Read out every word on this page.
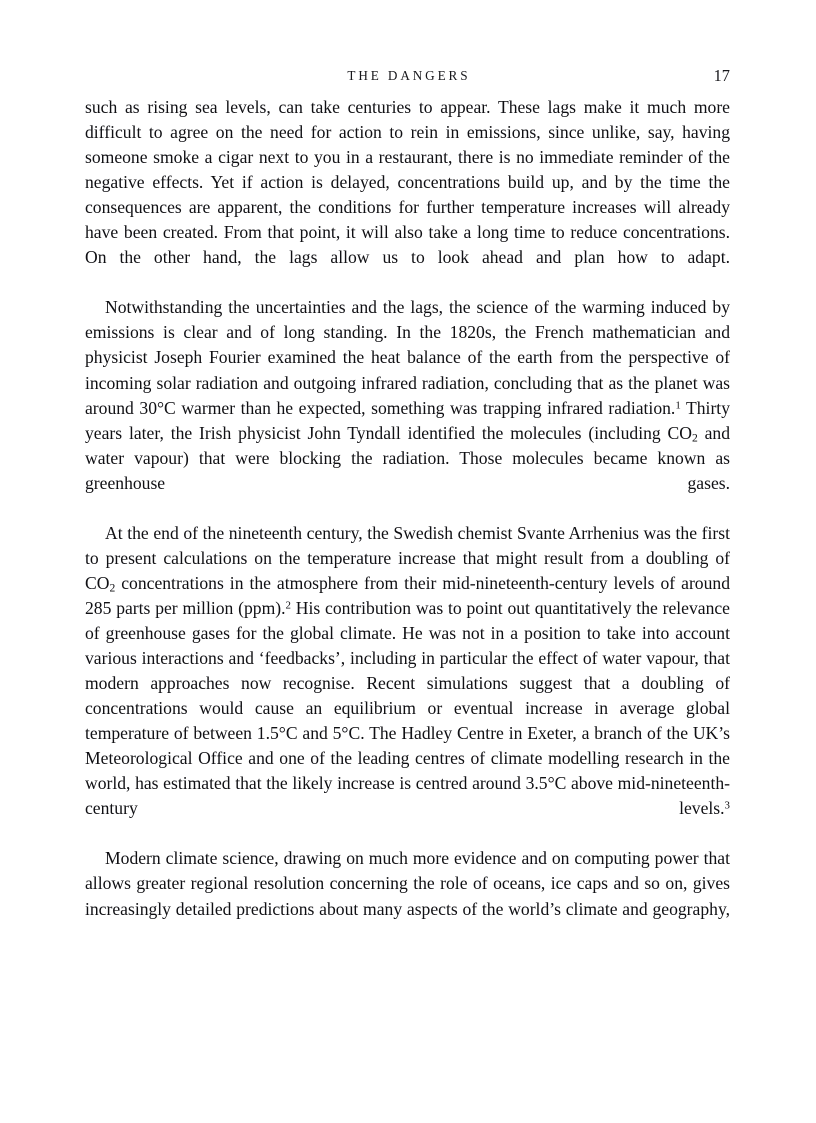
THE DANGERS	17

such as rising sea levels, can take centuries to appear. These lags make it much more difficult to agree on the need for action to rein in emissions, since unlike, say, having someone smoke a cigar next to you in a restaurant, there is no immediate reminder of the negative effects. Yet if action is delayed, concentrations build up, and by the time the consequences are apparent, the conditions for further temperature increases will already have been created. From that point, it will also take a long time to reduce concentrations. On the other hand, the lags allow us to look ahead and plan how to adapt.

Notwithstanding the uncertainties and the lags, the science of the warming induced by emissions is clear and of long standing. In the 1820s, the French mathematician and physicist Joseph Fourier examined the heat balance of the earth from the perspective of incoming solar radiation and outgoing infrared radiation, concluding that as the planet was around 30°C warmer than he expected, something was trapping infrared radiation.$^1$ Thirty years later, the Irish physicist John Tyndall identified the molecules (including $CO_2$ and water vapour) that were blocking the radiation. Those molecules became known as greenhouse gases.

At the end of the nineteenth century, the Swedish chemist Svante Arrhenius was the first to present calculations on the temperature increase that might result from a doubling of $CO_2$ concentrations in the atmosphere from their mid-nineteenth-century levels of around 285 parts per million (ppm).$^2$ His contribution was to point out quantitatively the relevance of greenhouse gases for the global climate. He was not in a position to take into account various interactions and ‘feedbacks’, including in particular the effect of water vapour, that modern approaches now recognise. Recent simulations suggest that a doubling of concentrations would cause an equilibrium or eventual increase in average global temperature of between 1.5°C and 5°C. The Hadley Centre in Exeter, a branch of the UK’s Meteorological Office and one of the leading centres of climate modelling research in the world, has estimated that the likely increase is centred around 3.5°C above mid-nineteenth-century levels.$^3$

Modern climate science, drawing on much more evidence and on computing power that allows greater regional resolution concerning the role of oceans, ice caps and so on, gives increasingly detailed predictions about many aspects of the world’s climate and geography,
